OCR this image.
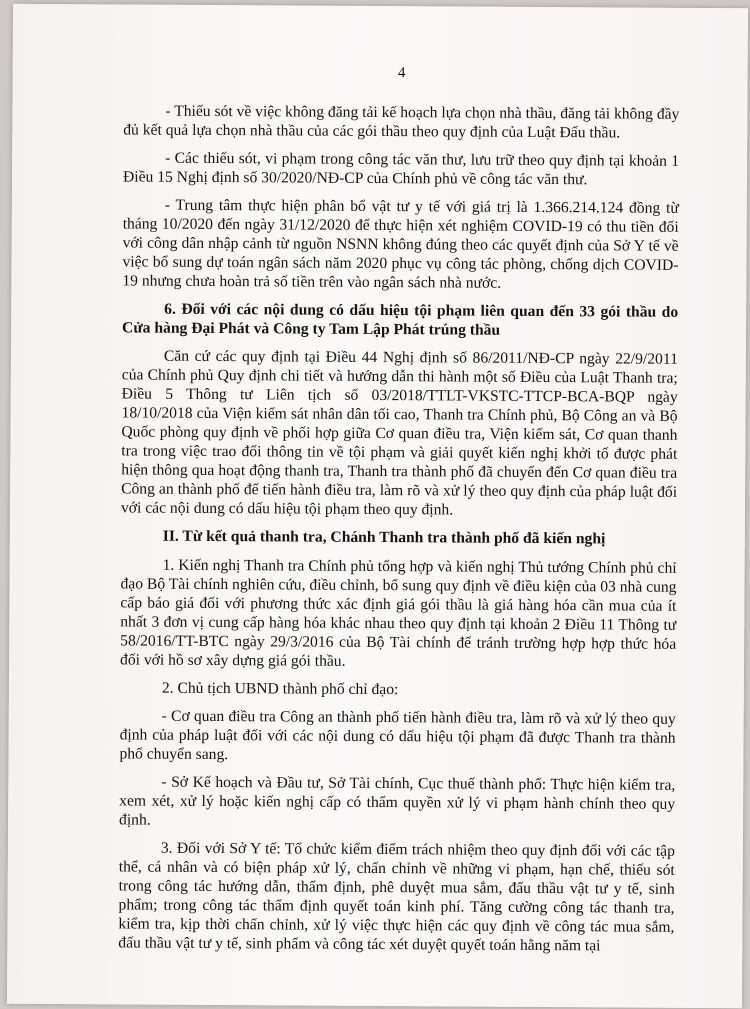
4

- Thiếu sót về việc không đăng tải kế hoạch lựa chọn nhà thầu, đăng tải không đầy đủ kết quả lựa chọn nhà thầu của các gói thầu theo quy định của Luật Đấu thầu.

- Các thiếu sót, vi phạm trong công tác văn thư, lưu trữ theo quy định tại khoản 1 Điều 15 Nghị định số 30/2020/NĐ-CP của Chính phủ về công tác văn thư.

- Trung tâm thực hiện phân bổ vật tư y tế với giá trị là 1.366.214.124 đồng từ tháng 10/2020 đến ngày 31/12/2020 để thực hiện xét nghiệm COVID-19 có thu tiền đối với công dân nhập cảnh từ nguồn NSNN không đúng theo các quyết định của Sở Y tế về việc bổ sung dự toán ngân sách năm 2020 phục vụ công tác phòng, chống dịch COVID-19 nhưng chưa hoàn trả số tiền trên vào ngân sách nhà nước.

6. Đối với các nội dung có dấu hiệu tội phạm liên quan đến 33 gói thầu do Cửa hàng Đại Phát và Công ty Tam Lập Phát trúng thầu

Căn cứ các quy định tại Điều 44 Nghị định số 86/2011/NĐ-CP ngày 22/9/2011 của Chính phủ Quy định chi tiết và hướng dẫn thi hành một số Điều của Luật Thanh tra; Điều 5 Thông tư Liên tịch số 03/2018/TTLT-VKSTC-TTCP-BCA-BQP ngày 18/10/2018 của Viện kiểm sát nhân dân tối cao, Thanh tra Chính phủ, Bộ Công an và Bộ Quốc phòng quy định về phối hợp giữa Cơ quan điều tra, Viện kiểm sát, Cơ quan thanh tra trong việc trao đổi thông tin về tội phạm và giải quyết kiến nghị khởi tố được phát hiện thông qua hoạt động thanh tra, Thanh tra thành phố đã chuyển đến Cơ quan điều tra Công an thành phố để tiến hành điều tra, làm rõ và xử lý theo quy định của pháp luật đối với các nội dung có dấu hiệu tội phạm theo quy định.

II. Từ kết quả thanh tra, Chánh Thanh tra thành phố đã kiến nghị

1. Kiến nghị Thanh tra Chính phủ tổng hợp và kiến nghị Thủ tướng Chính phủ chỉ đạo Bộ Tài chính nghiên cứu, điều chỉnh, bổ sung quy định về điều kiện của 03 nhà cung cấp báo giá đối với phương thức xác định giá gói thầu là giá hàng hóa cần mua của ít nhất 3 đơn vị cung cấp hàng hóa khác nhau theo quy định tại khoản 2 Điều 11 Thông tư 58/2016/TT-BTC ngày 29/3/2016 của Bộ Tài chính để tránh trường hợp hợp thức hóa đối với hồ sơ xây dựng giá gói thầu.

2. Chủ tịch UBND thành phố chỉ đạo:

- Cơ quan điều tra Công an thành phố tiến hành điều tra, làm rõ và xử lý theo quy định của pháp luật đối với các nội dung có dấu hiệu tội phạm đã được Thanh tra thành phố chuyển sang.

- Sở Kế hoạch và Đầu tư, Sở Tài chính, Cục thuế thành phố: Thực hiện kiểm tra, xem xét, xử lý hoặc kiến nghị cấp có thẩm quyền xử lý vi phạm hành chính theo quy định.

3. Đối với Sở Y tế: Tổ chức kiểm điểm trách nhiệm theo quy định đối với các tập thể, cá nhân và có biện pháp xử lý, chấn chỉnh về những vi phạm, hạn chế, thiếu sót trong công tác hướng dẫn, thẩm định, phê duyệt mua sắm, đấu thầu vật tư y tế, sinh phẩm; trong công tác thẩm định quyết toán kinh phí. Tăng cường công tác thanh tra, kiểm tra, kịp thời chấn chỉnh, xử lý việc thực hiện các quy định về công tác mua sắm, đấu thầu vật tư y tế, sinh phẩm và công tác xét duyệt quyết toán hằng năm tại
